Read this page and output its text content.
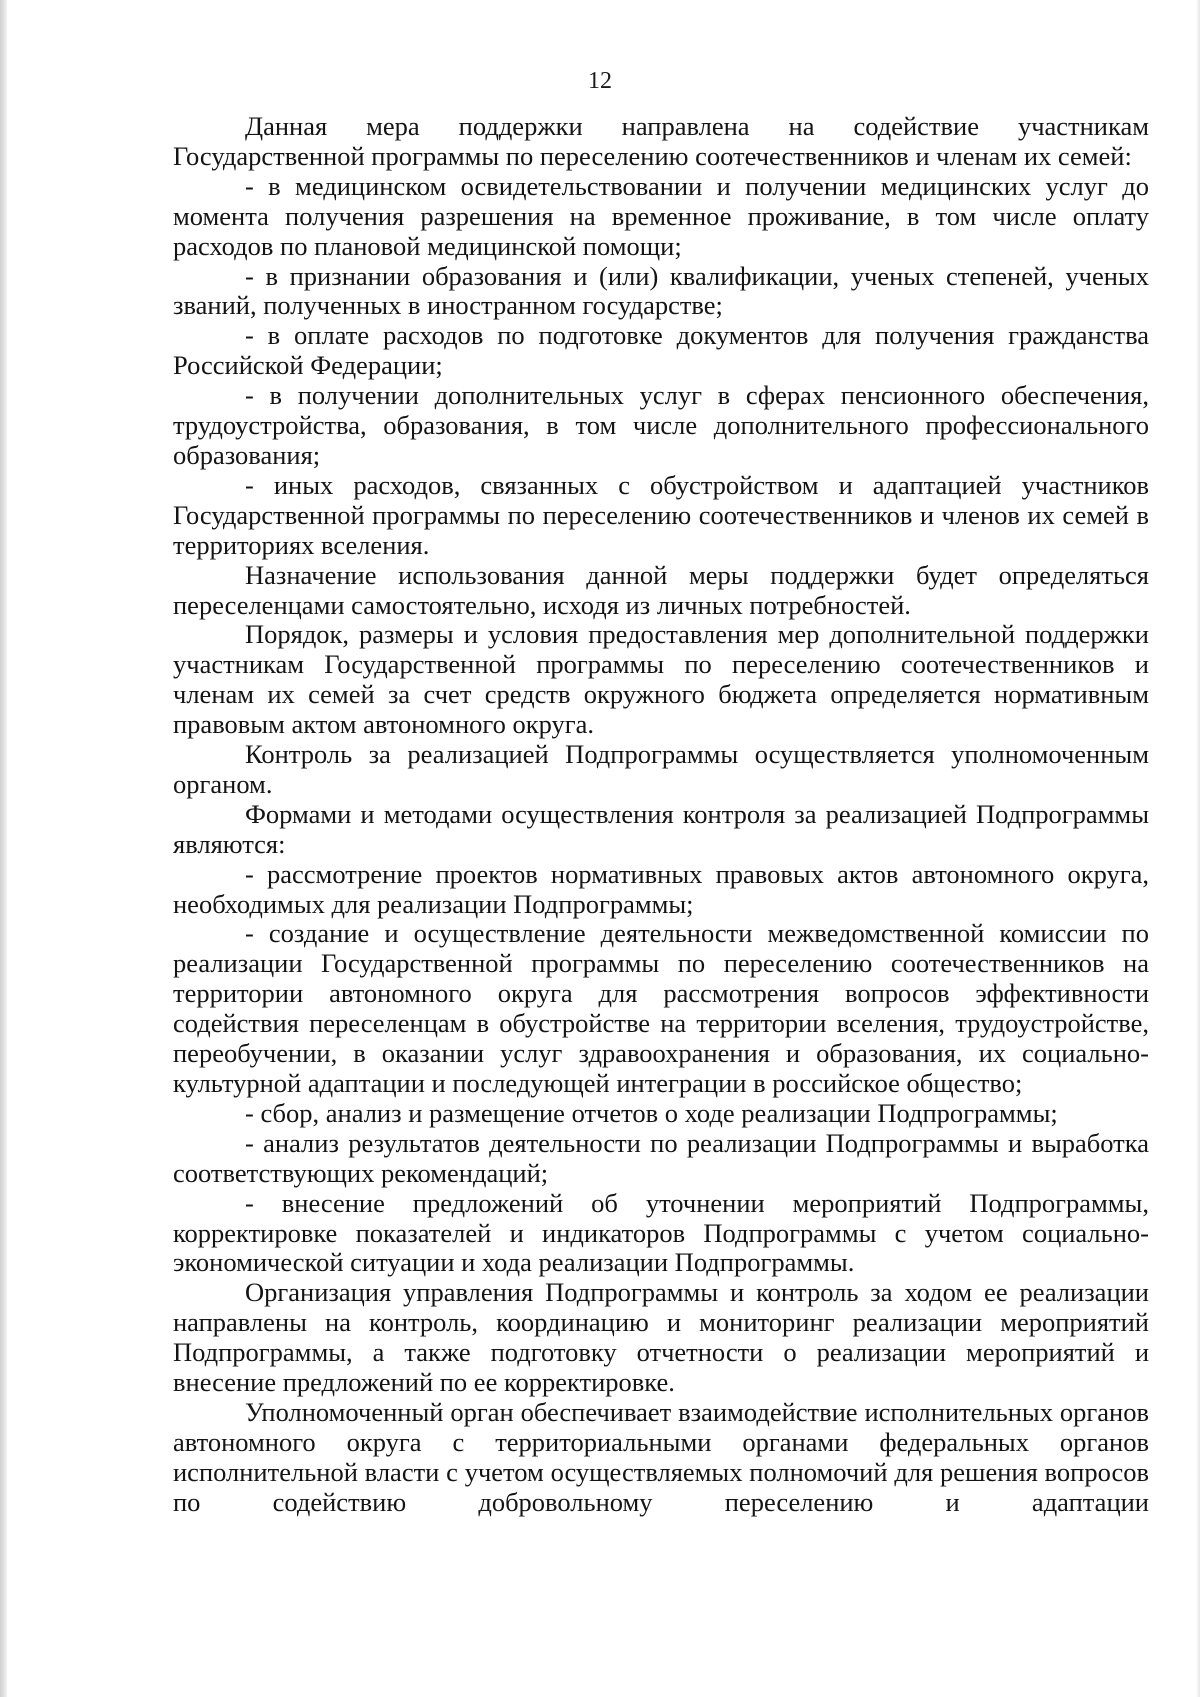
12

Данная мера поддержки направлена на содействие участникам Государственной программы по переселению соотечественников и членам их семей:

- в медицинском освидетельствовании и получении медицинских услуг до момента получения разрешения на временное проживание, в том числе оплату расходов по плановой медицинской помощи;

- в признании образования и (или) квалификации, ученых степеней, ученых званий, полученных в иностранном государстве;

- в оплате расходов по подготовке документов для получения гражданства Российской Федерации;

- в получении дополнительных услуг в сферах пенсионного обеспечения, трудоустройства, образования, в том числе дополнительного профессионального образования;

- иных расходов, связанных с обустройством и адаптацией участников Государственной программы по переселению соотечественников и членов их семей в территориях вселения.

Назначение использования данной меры поддержки будет определяться переселенцами самостоятельно, исходя из личных потребностей.

Порядок, размеры и условия предоставления мер дополнительной поддержки участникам Государственной программы по переселению соотечественников и членам их семей за счет средств окружного бюджета определяется нормативным правовым актом автономного округа.

Контроль за реализацией Подпрограммы осуществляется уполномоченным органом.

Формами и методами осуществления контроля за реализацией Подпрограммы являются:

- рассмотрение проектов нормативных правовых актов автономного округа, необходимых для реализации Подпрограммы;

- создание и осуществление деятельности межведомственной комиссии по реализации Государственной программы по переселению соотечественников на территории автономного округа для рассмотрения вопросов эффективности содействия переселенцам в обустройстве на территории вселения, трудоустройстве, переобучении, в оказании услуг здравоохранения и образования, их социально-культурной адаптации и последующей интеграции в российское общество;

- сбор, анализ и размещение отчетов о ходе реализации Подпрограммы;

- анализ результатов деятельности по реализации Подпрограммы и выработка соответствующих рекомендаций;

- внесение предложений об уточнении мероприятий Подпрограммы, корректировке показателей и индикаторов Подпрограммы с учетом социально-экономической ситуации и хода реализации Подпрограммы.

Организация управления Подпрограммы и контроль за ходом ее реализации направлены на контроль, координацию и мониторинг реализации мероприятий Подпрограммы, а также подготовку отчетности о реализации мероприятий и внесение предложений по ее корректировке.

Уполномоченный орган обеспечивает взаимодействие исполнительных органов автономного округа с территориальными органами федеральных органов исполнительной власти с учетом осуществляемых полномочий для решения вопросов по содействию добровольному переселению и адаптации
